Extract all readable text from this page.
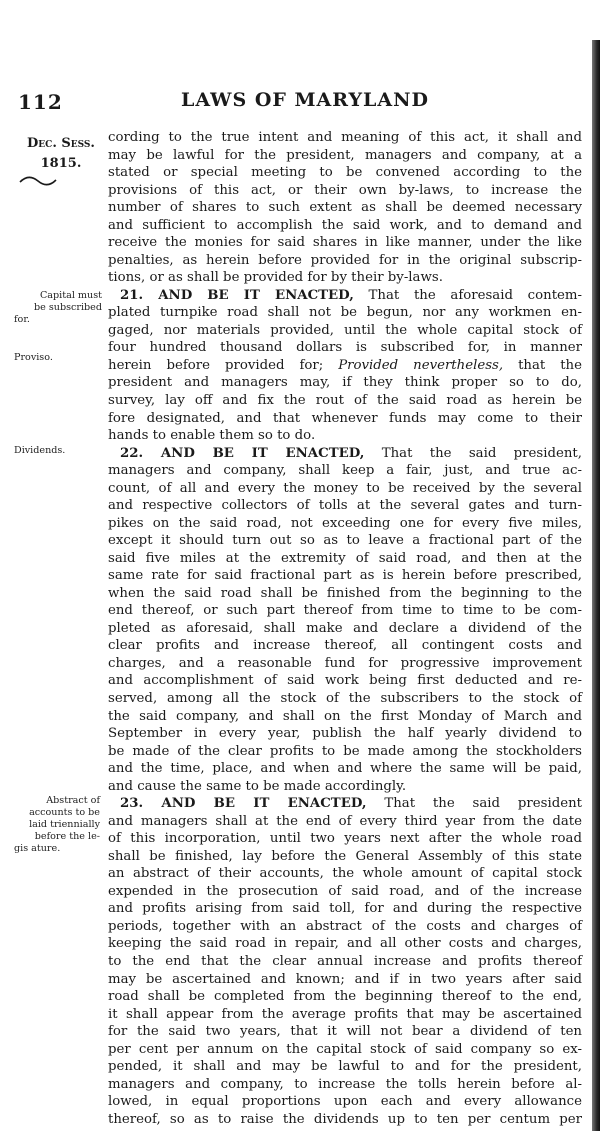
112	LAWS OF MARYLAND
Dec. Sess.
1815.
Capital must
be subscribed
for.
Proviso.
Dividends.
Abstract of
accounts to be
laid triennially
before the le-
gis ature.
cording to the true intent and meaning of this act, it shall and
may be lawful for the president, managers and company, at a
stated or special meeting to be convened according to the
provisions of this act, or their own by-laws, to increase the
number of shares to such extent as shall be deemed necessary
and sufficient to accomplish the said work, and to demand and
receive the monies for said shares in like manner, under the like
penalties, as herein before provided for in the original subscrip-
tions, or as shall be provided for by their by-laws.
21. AND BE IT ENACTED, That the aforesaid contem-
plated turnpike road shall not be begun, nor any workmen en-
gaged, nor materials provided, until the whole capital stock of
four hundred thousand dollars is subscribed for, in manner
herein before provided for; Provided nevertheless, that the
president and managers may, if they think proper so to do,
survey, lay off and fix the rout of the said road as herein be
fore designated, and that whenever funds may come to their
hands to enable them so to do.
22. AND BE IT ENACTED, That the said president,
managers and company, shall keep a fair, just, and true ac-
count, of all and every the money to be received by the several
and respective collectors of tolls at the several gates and turn-
pikes on the said road, not exceeding one for every five miles,
except it should turn out so as to leave a fractional part of the
said five miles at the extremity of said road, and then at the
same rate for said fractional part as is herein before prescribed,
when the said road shall be finished from the beginning to the
end thereof, or such part thereof from time to time to be com-
pleted as aforesaid, shall make and declare a dividend of the
clear profits and increase thereof, all contingent costs and
charges, and a reasonable fund for progressive improvement
and accomplishment of said work being first deducted and re-
served, among all the stock of the subscribers to the stock of
the said company, and shall on the first Monday of March and
September in every year, publish the half yearly dividend to
be made of the clear profits to be made among the stockholders
and the time, place, and when and where the same will be paid,
and cause the same to be made accordingly.
23. AND BE IT ENACTED, That the said president
and managers shall at the end of every third year from the date
of this incorporation, until two years next after the whole road
shall be finished, lay before the General Assembly of this state
an abstract of their accounts, the whole amount of capital stock
expended in the prosecution of said road, and of the increase
and profits arising from said toll, for and during the respective
periods, together with an abstract of the costs and charges of
keeping the said road in repair, and all other costs and charges,
to the end that the clear annual increase and profits thereof
may be ascertained and known; and if in two years after said
road shall be completed from the beginning thereof to the end,
it shall appear from the average profits that may be ascertained
for the said two years, that it will not bear a dividend of ten
per cent per annum on the capital stock of said company so ex-
pended, it shall and may be lawful to and for the president,
managers and company, to increase the tolls herein before al-
lowed, in equal proportions upon each and every allowance
thereof, so as to raise the dividends up to ten per centum per
